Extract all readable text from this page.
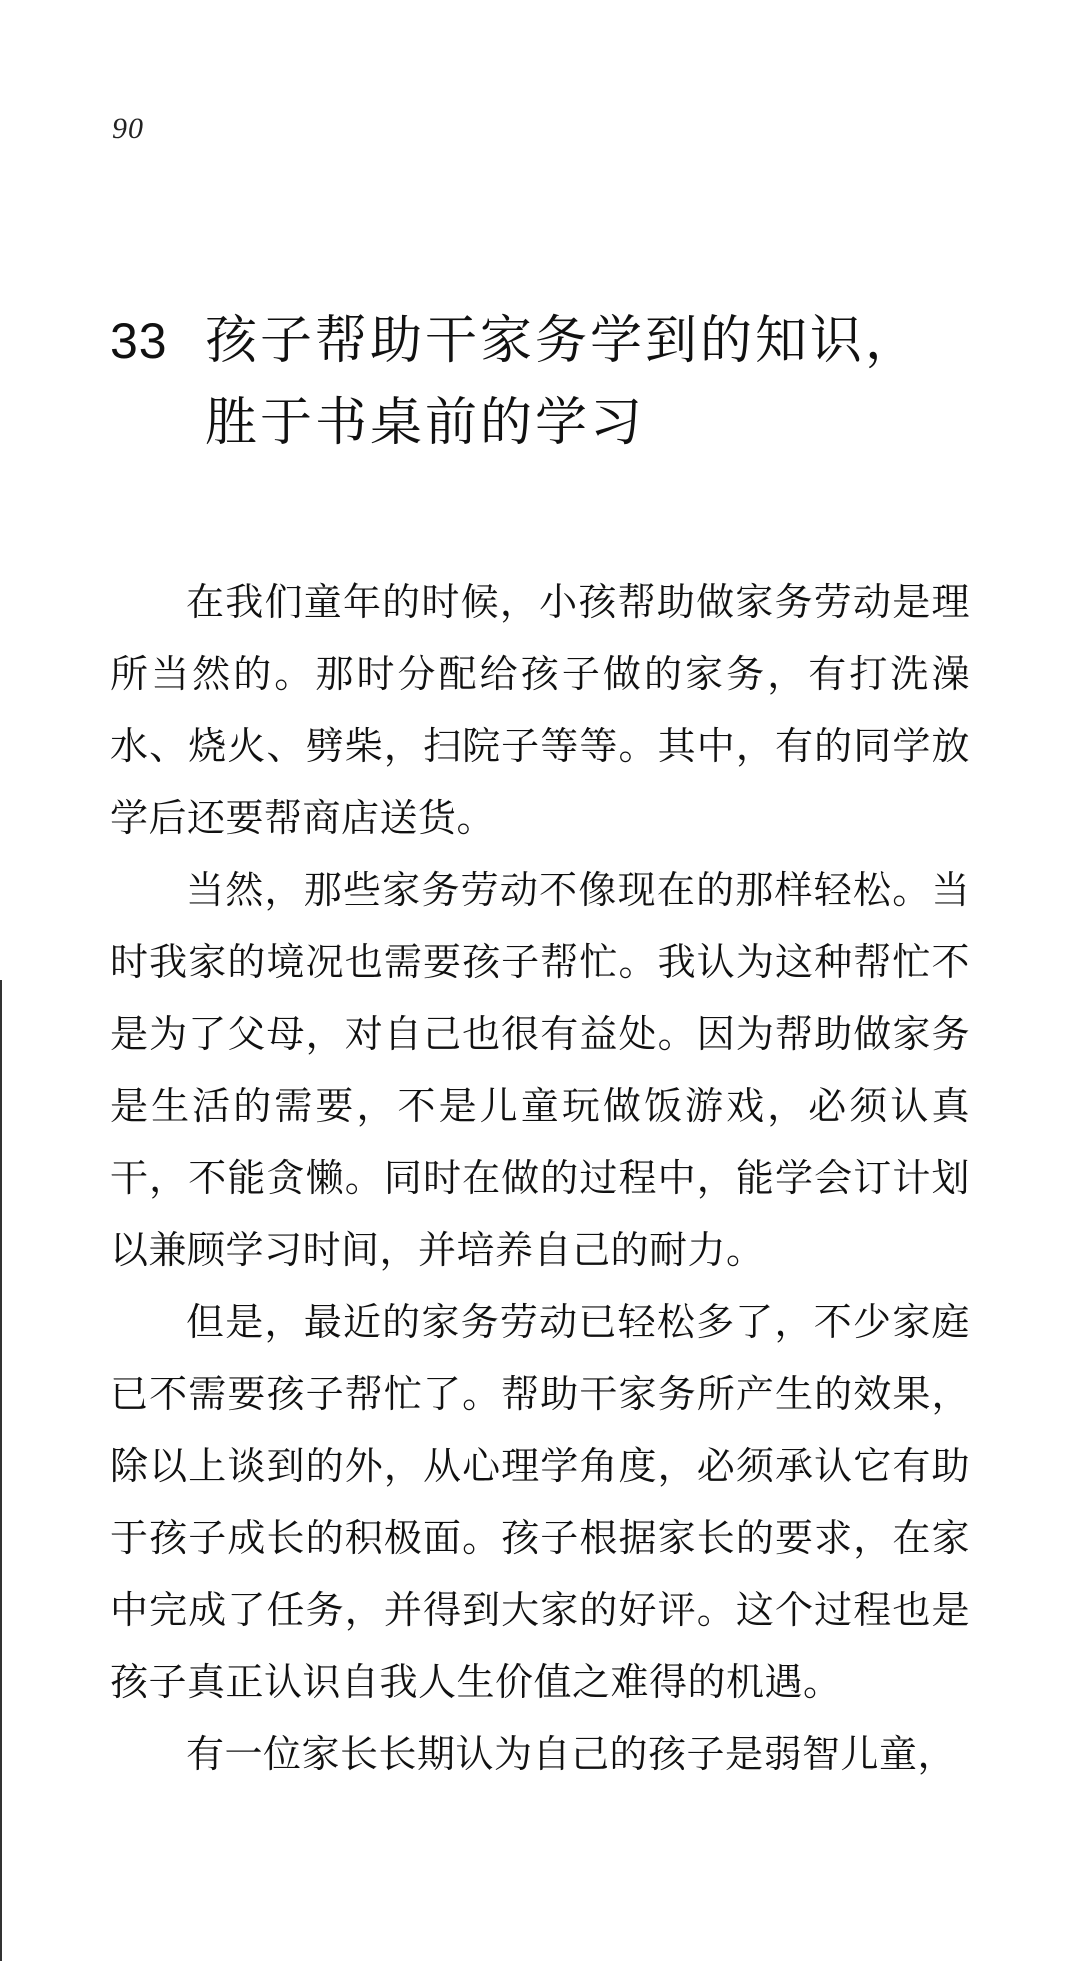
90
33 孩子帮助干家务学到的知识，胜于书桌前的学习

在我们童年的时候，小孩帮助做家务劳动是理所当然的。那时分配给孩子做的家务，有打洗澡水、烧火、劈柴，扫院子等等。其中，有的同学放学后还要帮商店送货。

当然，那些家务劳动不像现在的那样轻松。当时我家的境况也需要孩子帮忙。我认为这种帮忙不是为了父母，对自己也很有益处。因为帮助做家务是生活的需要，不是儿童玩做饭游戏，必须认真干，不能贪懒。同时在做的过程中，能学会订计划以兼顾学习时间，并培养自己的耐力。

但是，最近的家务劳动已轻松多了，不少家庭已不需要孩子帮忙了。帮助干家务所产生的效果，除以上谈到的外，从心理学角度，必须承认它有助于孩子成长的积极面。孩子根据家长的要求，在家中完成了任务，并得到大家的好评。这个过程也是孩子真正认识自我人生价值之难得的机遇。

有一位家长长期认为自己的孩子是弱智儿童，
